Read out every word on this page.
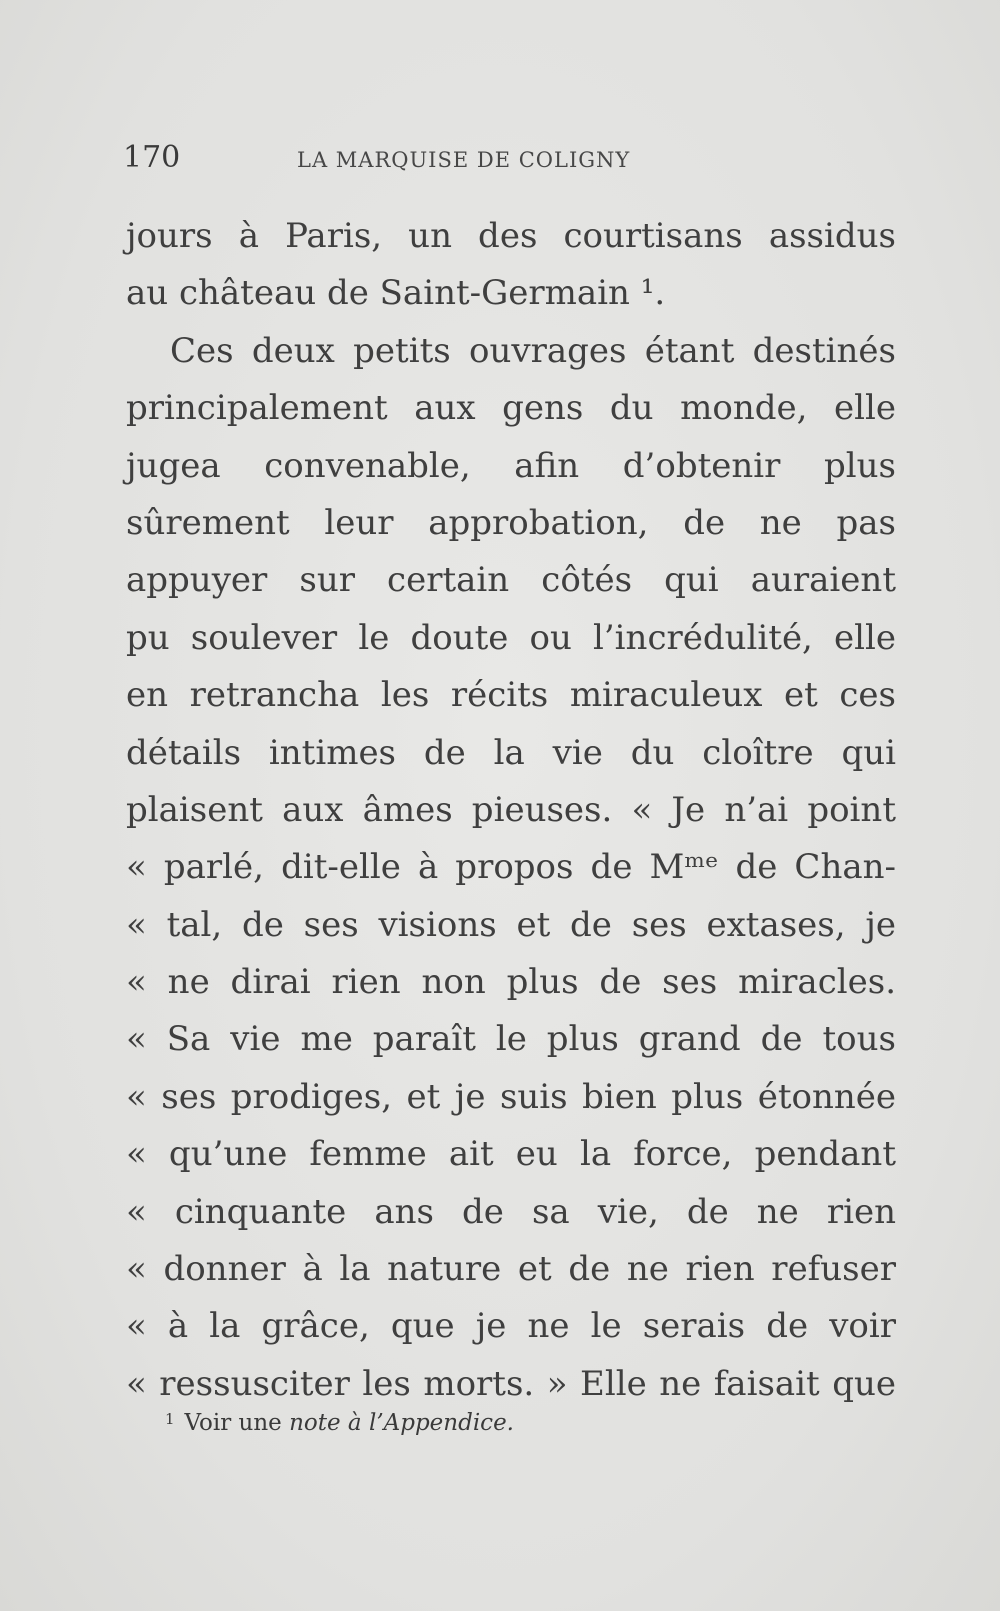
170	LA MARQUISE DE COLIGNY
jours à Paris, un des courtisans assidus
au château de Saint-Germain ¹.
Ces deux petits ouvrages étant destinés
principalement aux gens du monde, elle
jugea convenable, afin d’obtenir plus
sûrement leur approbation, de ne pas
appuyer sur certain côtés qui auraient
pu soulever le doute ou l’incrédulité, elle
en retrancha les récits miraculeux et ces
détails intimes de la vie du cloître qui
plaisent aux âmes pieuses. « Je n’ai point
« parlé, dit-elle à propos de Mᵐᵉ de Chan-
« tal, de ses visions et de ses extases, je
« ne dirai rien non plus de ses miracles.
« Sa vie me paraît le plus grand de tous
« ses prodiges, et je suis bien plus étonnée
« qu’une femme ait eu la force, pendant
« cinquante ans de sa vie, de ne rien
« donner à la nature et de ne rien refuser
« à la grâce, que je ne le serais de voir
« ressusciter les morts. » Elle ne faisait que
$^1$ Voir une note à l’Appendice.
